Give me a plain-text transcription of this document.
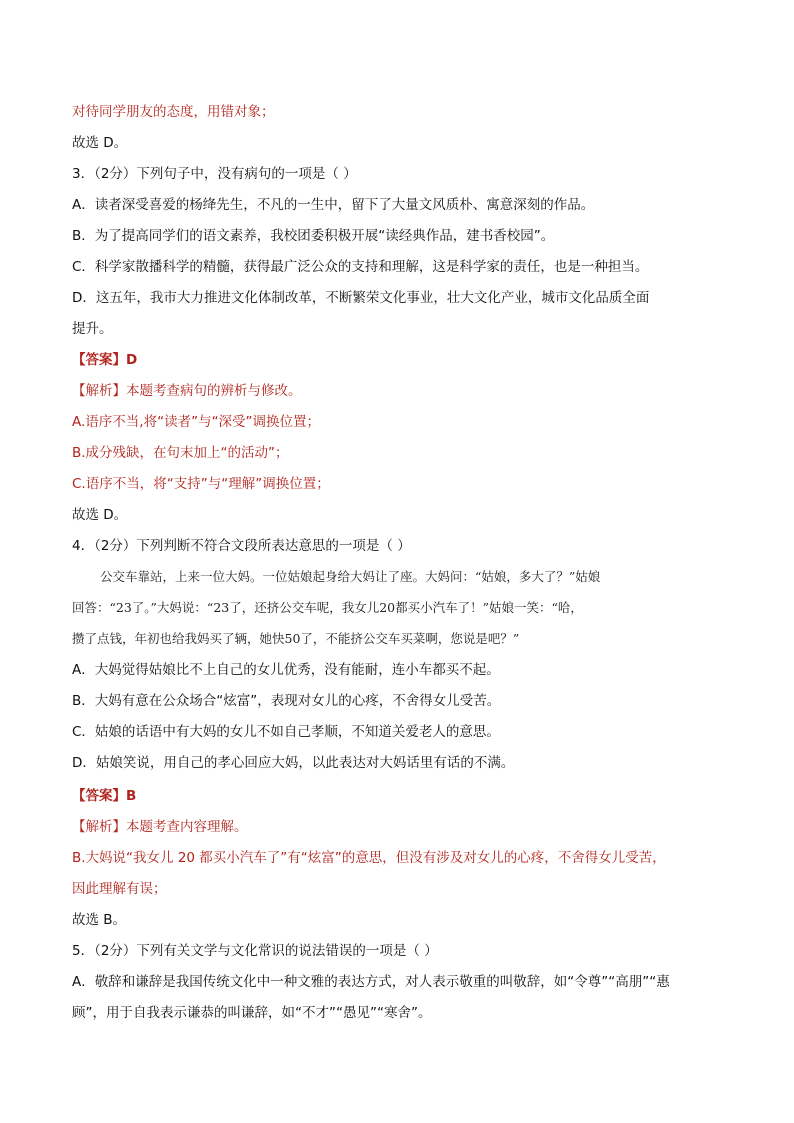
对待同学朋友的态度，用错对象；
故选 D。
3．（2分）下列句子中，没有病句的一项是（ ）
A．读者深受喜爱的杨绛先生，不凡的一生中，留下了大量文风质朴、寓意深刻的作品。
B．为了提高同学们的语文素养，我校团委积极开展“读经典作品，建书香校园”。
C．科学家散播科学的精髓，获得最广泛公众的支持和理解，这是科学家的责任，也是一种担当。
D．这五年，我市大力推进文化体制改革，不断繁荣文化事业，壮大文化产业，城市文化品质全面
提升。
【答案】D
【解析】本题考查病句的辨析与修改。
A.语序不当,将“读者”与“深受”调换位置；
B.成分残缺，在句末加上“的活动”；
C.语序不当，将“支持”与“理解”调换位置；
故选 D。
4．（2分）下列判断不符合文段所表达意思的一项是（ ）
公交车靠站，上来一位大妈。一位姑娘起身给大妈让了座。大妈问：“姑娘，多大了？”姑娘
回答：“23了。”大妈说：“23了，还挤公交车呢，我女儿20都买小汽车了！”姑娘一笑：“哈，
攒了点钱，年初也给我妈买了辆，她快50了，不能挤公交车买菜啊，您说是吧？”
A．大妈觉得姑娘比不上自己的女儿优秀，没有能耐，连小车都买不起。
B．大妈有意在公众场合“炫富”，表现对女儿的心疼，不舍得女儿受苦。
C．姑娘的话语中有大妈的女儿不如自己孝顺，不知道关爱老人的意思。
D．姑娘笑说，用自己的孝心回应大妈，以此表达对大妈话里有话的不满。
【答案】B
【解析】本题考查内容理解。
B.大妈说“我女儿 20 都买小汽车了”有“炫富”的意思，但没有涉及对女儿的心疼，不舍得女儿受苦，
因此理解有误；
故选 B。
5．（2分）下列有关文学与文化常识的说法错误的一项是（ ）
A．敬辞和谦辞是我国传统文化中一种文雅的表达方式，对人表示敬重的叫敬辞，如“令尊”“高朋”“惠
顾”，用于自我表示谦恭的叫谦辞，如“不才”“愚见”“寒舍”。
